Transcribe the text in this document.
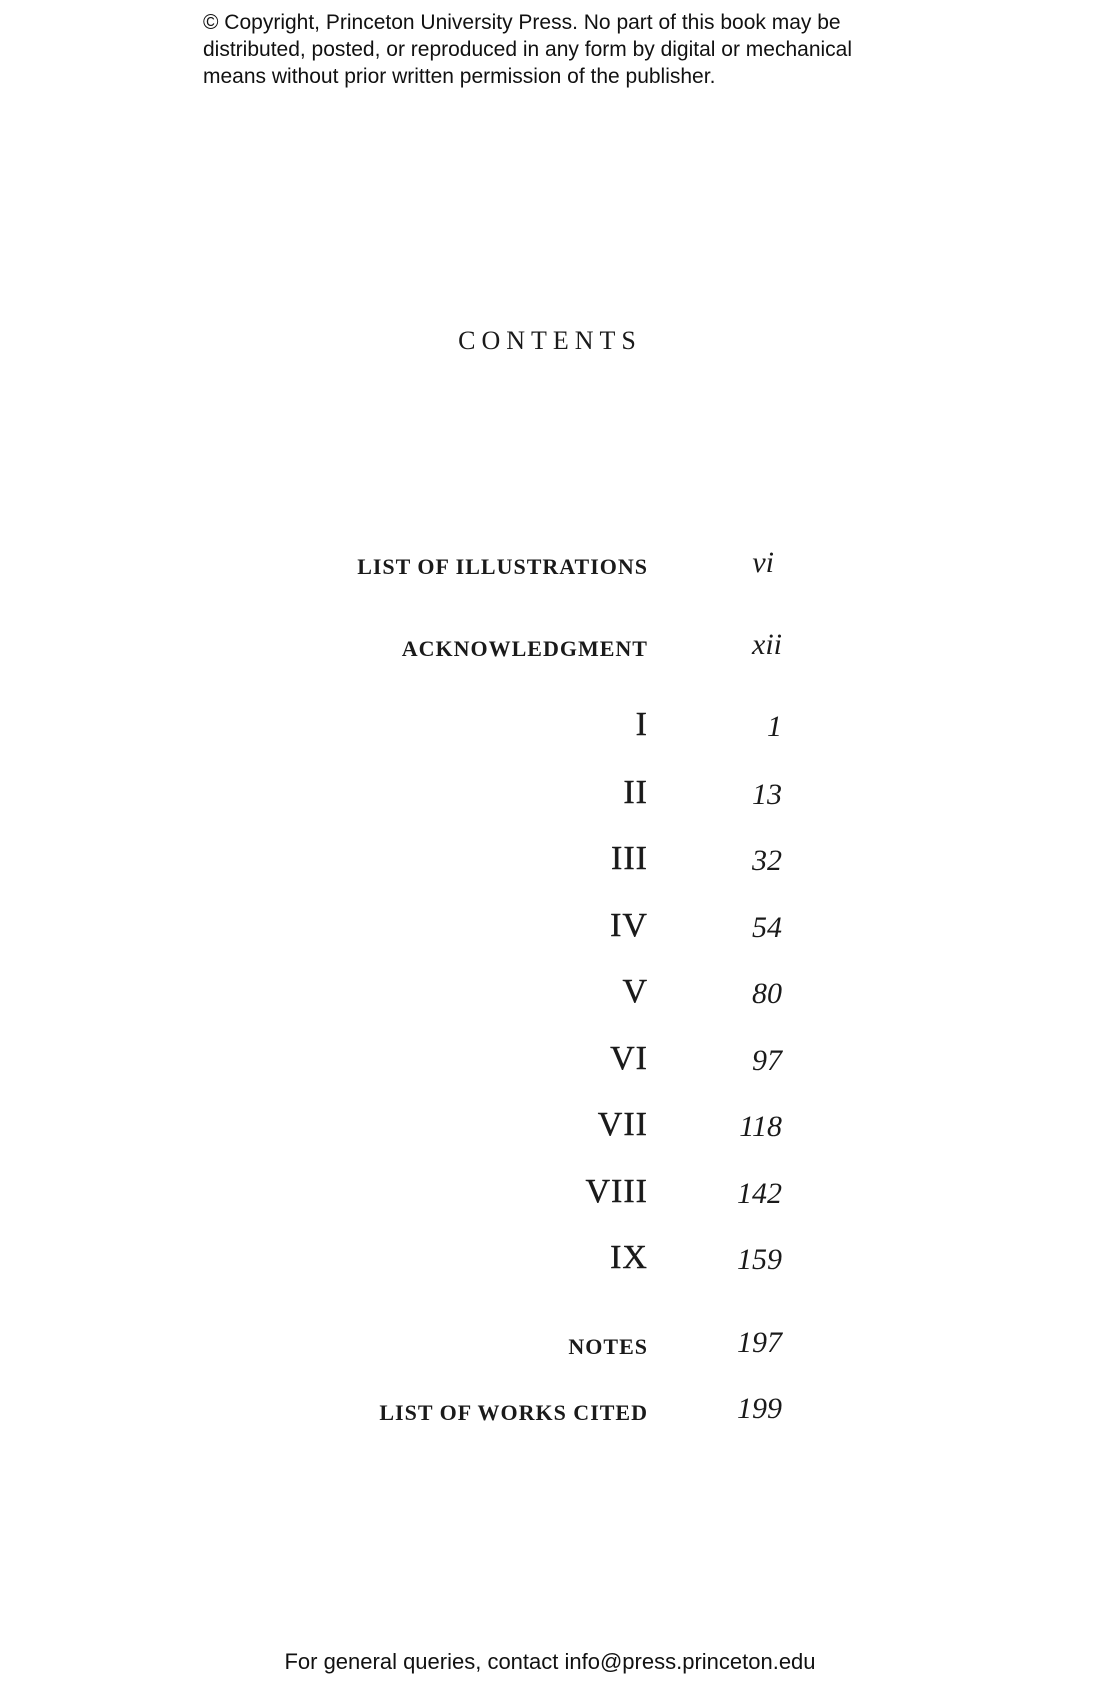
© Copyright, Princeton University Press. No part of this book may be
distributed, posted, or reproduced in any form by digital or mechanical
means without prior written permission of the publisher.
CONTENTS
LIST OF ILLUSTRATIONS	vi
ACKNOWLEDGMENT	xii
I	1
II	13
III	32
IV	54
V	80
VI	97
VII	118
VIII	142
IX	159
NOTES	197
LIST OF WORKS CITED	199
For general queries, contact info@press.princeton.edu
